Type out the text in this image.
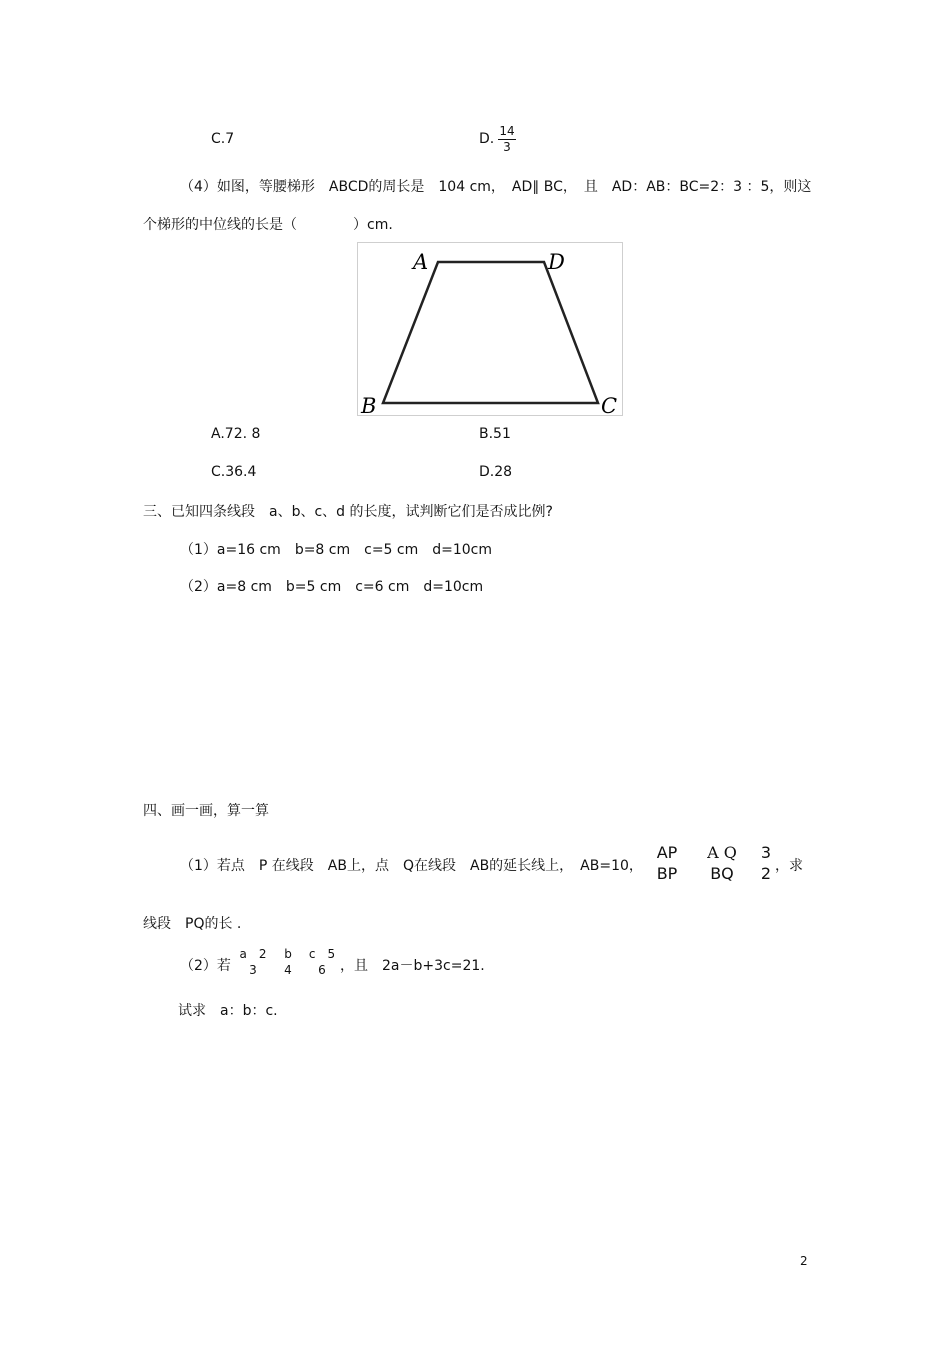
C.7	D. 14
3
（4）如图，等腰梯形　ABCD的周长是　104 cm，　AD∥ BC，　且　AD：AB：BC=2：3 ：5，则这
个梯形的中位线的长是（　　　　）cm.
A	D
B	C
A.72. 8	B.51
C.36.4	D.28
三、已知四条线段　a、b、c、d 的长度，试判断它们是否成比例?
（1）a=16 cm　b=8 cm　c=5 cm　d=10cm
（2）a=8 cm　b=5 cm　c=6 cm　d=10cm
四、画一画，算一算
（1）若点　P 在线段　AB上，点　Q在线段　AB的延长线上，　AB=10，
AP
BP
A Q
BQ
3
2 ，求
线段　PQ的长 .
（2）若
a　2
3
b
4
c　5
6	，且　2a－b+3c=21.
试求　a：b：c.
2
